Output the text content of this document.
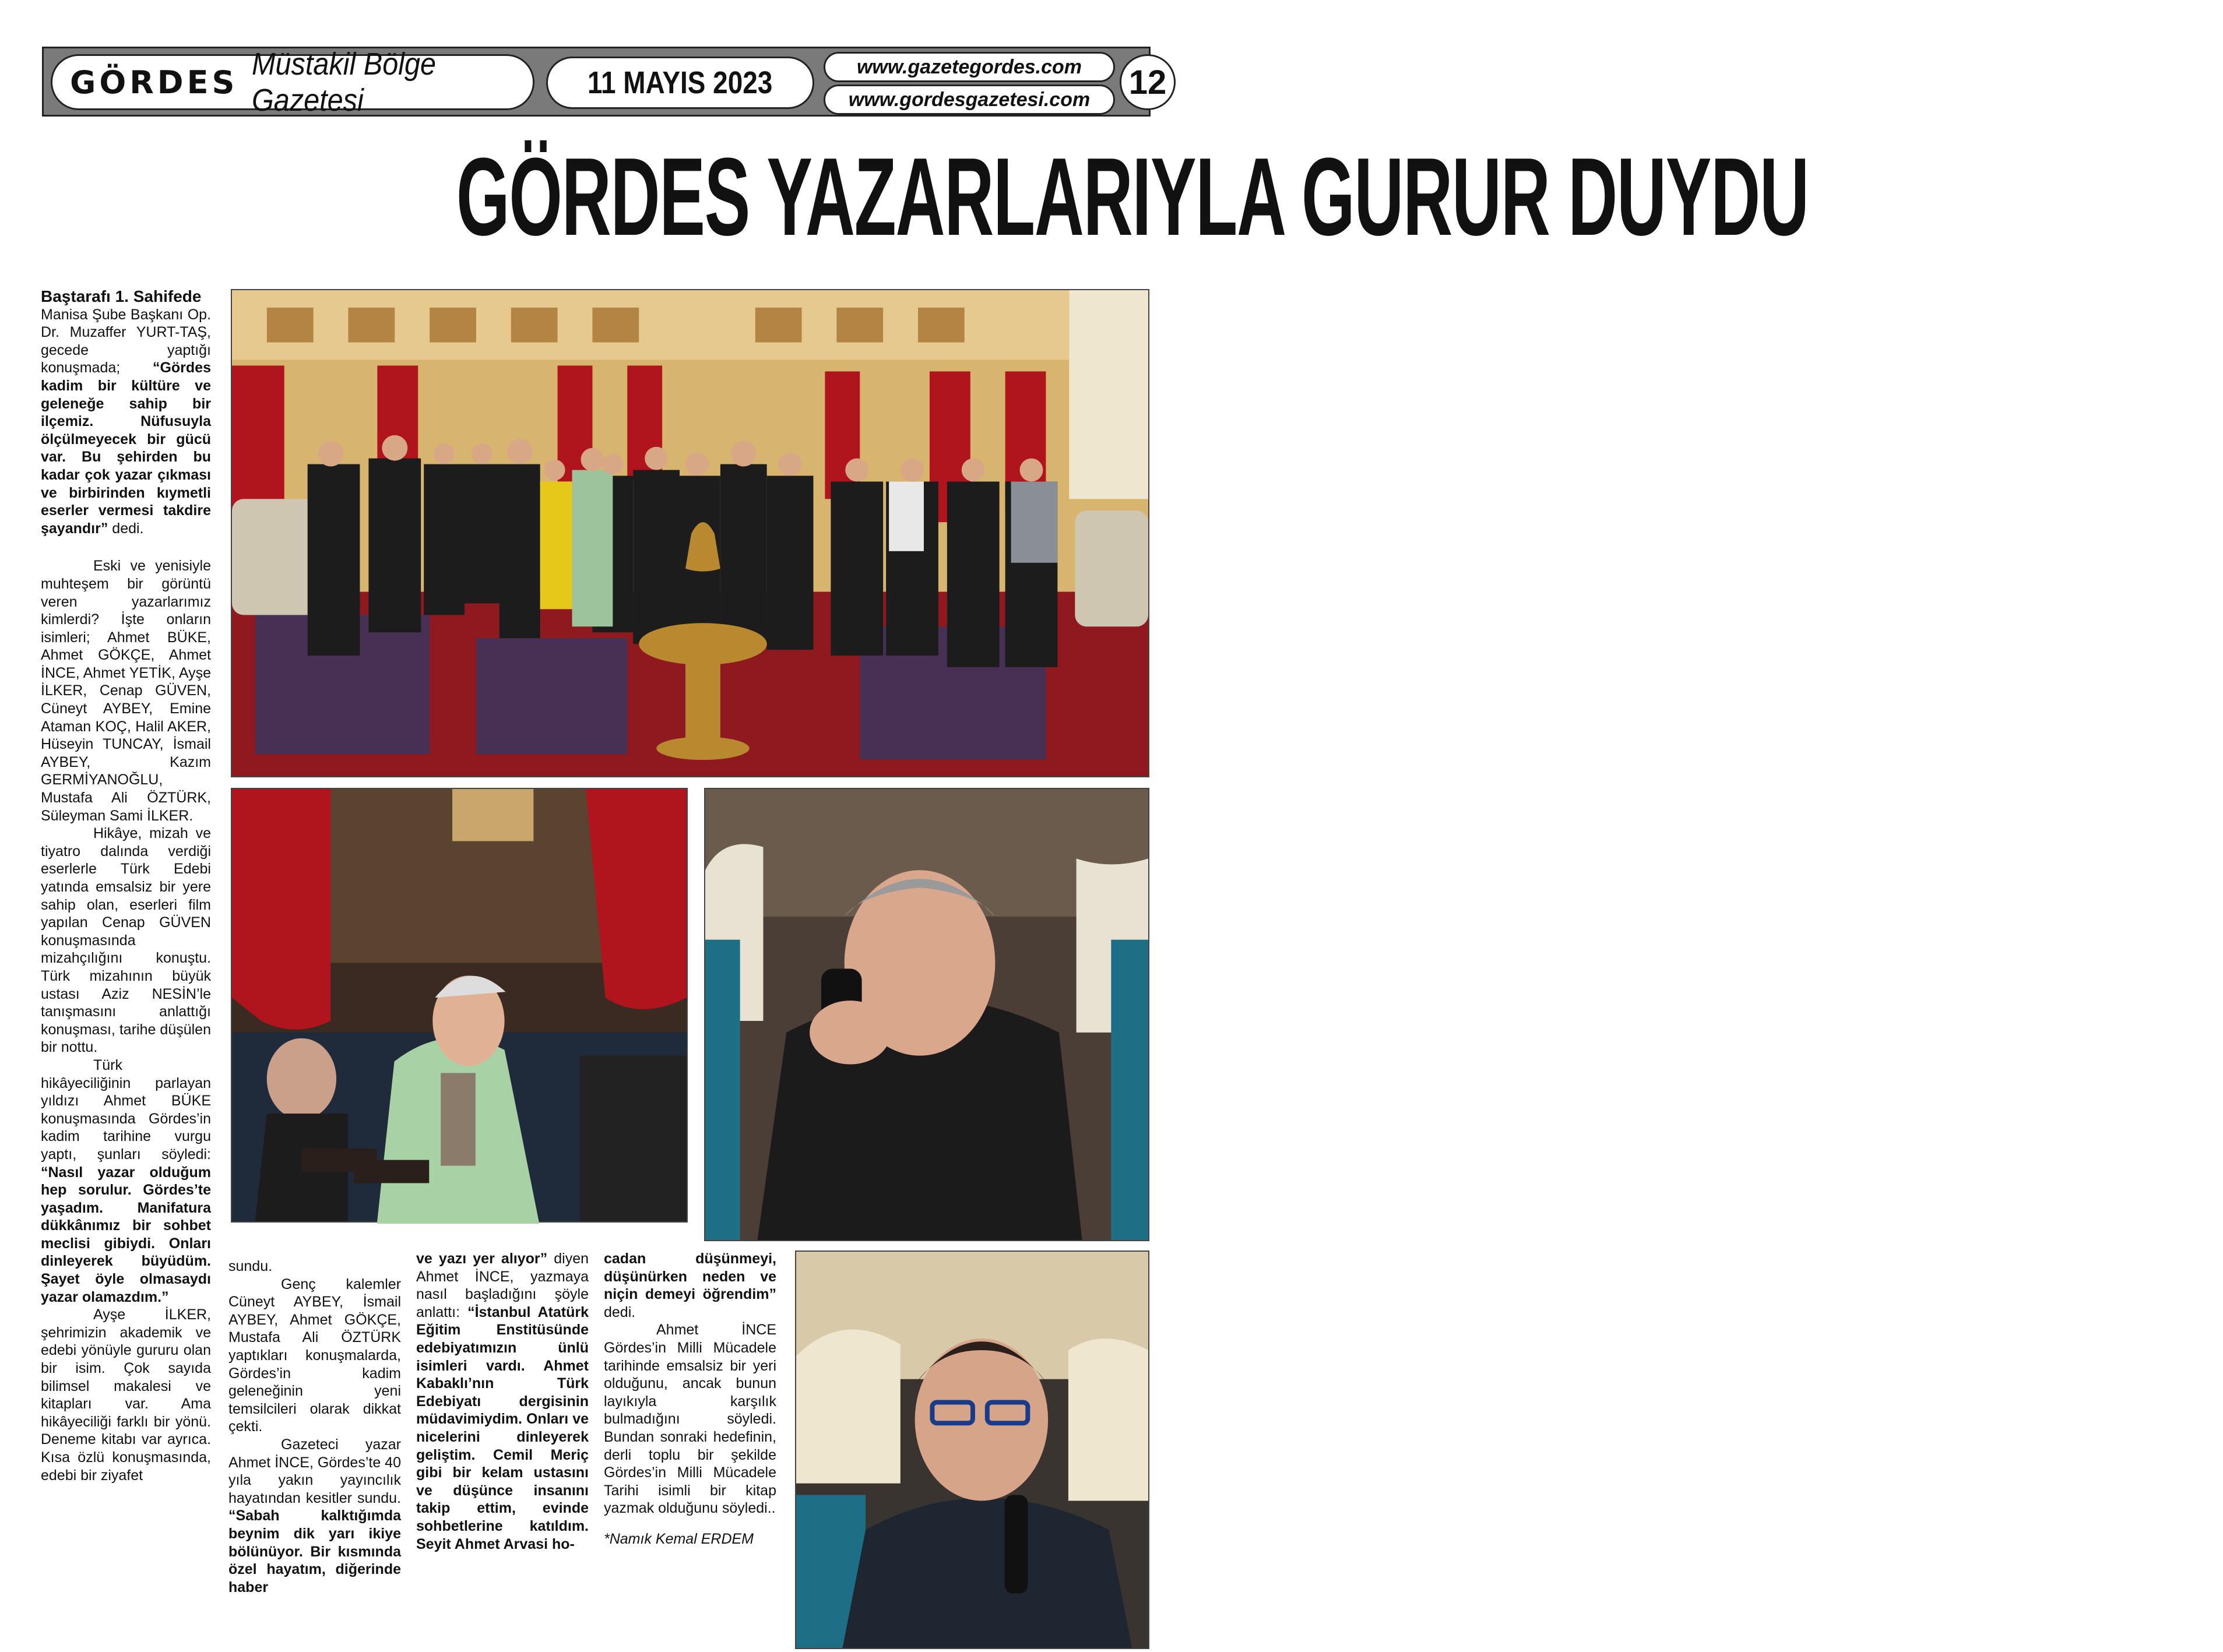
GÖRDES Müstakil Bölge Gazetesi	11 MAYIS 2023	www.gazetegordes.com
www.gordesgazetesi.com	12
GÖRDES YAZARLARIYLA GURUR DUYDU

Baştarafı 1. Sahifede

Manisa Şube Başkanı Op. Dr. Muzaffer YURT-TAŞ, gecede yaptığı konuşmada; “Gördes kadim bir kültüre ve geleneğe sahip bir ilçemiz. Nüfusuyla ölçülmeyecek bir gücü var. Bu şehirden bu kadar çok yazar çıkması ve birbirinden kıymetli eserler vermesi takdire şayandır” dedi.

Eski ve yenisiyle muhteşem bir görüntü veren yazarlarımız kimlerdi? İşte onların isimleri; Ahmet BÜKE, Ahmet GÖKÇE, Ahmet İNCE, Ahmet YETİK, Ayşe İLKER, Cenap GÜVEN, Cüneyt AYBEY, Emine Ataman KOÇ, Halil AKER, Hüseyin TUNCAY, İsmail AYBEY, Kazım GERMİYANOĞLU, Mustafa Ali ÖZTÜRK, Süleyman Sami İLKER.

Hikâye, mizah ve tiyatro dalında verdiği eserlerle Türk Edebi yatında emsalsiz bir yere sahip olan, eserleri film yapılan Cenap GÜVEN konuşmasında mizahçılığını konuştu. Türk mizahının büyük ustası Aziz NESİN’le tanışmasını anlattığı konuşması, tarihe düşülen bir nottu.

Türk hikâyeciliğinin parlayan yıldızı Ahmet BÜKE konuşmasında Gördes’in kadim tarihine vurgu yaptı, şunları söyledi: “Nasıl yazar olduğum hep sorulur. Gördes’te yaşadım. Manifatura dükkânımız bir sohbet meclisi gibiydi. Onları dinleyerek büyüdüm. Şayet öyle olmasaydı yazar olamazdım.”

Ayşe İLKER, şehrimizin akademik ve edebi yönüyle gururu olan bir isim. Çok sayıda bilimsel makalesi ve kitapları var. Ama hikâyeciliği farklı bir yönü. Deneme kitabı var ayrıca. Kısa özlü konuşmasında, edebi bir ziyafet

sundu.

Genç kalemler Cüneyt AYBEY, İsmail AYBEY, Ahmet GÖKÇE, Mustafa Ali ÖZTÜRK yaptıkları konuşmalarda, Gördes’in kadim geleneğinin yeni temsilcileri olarak dikkat çekti.

Gazeteci yazar Ahmet İNCE, Gördes’te 40 yıla yakın yayıncılık hayatından kesitler sundu. “Sabah kalktığımda beynim dik yarı ikiye bölünüyor. Bir kısmında özel hayatım, diğerinde haber

ve yazı yer alıyor” diyen Ahmet İNCE, yazmaya nasıl başladığını şöyle anlattı: “İstanbul Atatürk Eğitim Enstitüsünde edebiyatımızın ünlü isimleri vardı. Ahmet Kabaklı’nın Türk Edebiyatı dergisinin müdavimiydim. Onları ve nicelerini dinleyerek geliştim. Cemil Meriç gibi bir kelam ustasını ve düşünce insanını takip ettim, evinde sohbetlerine katıldım. Seyit Ahmet Arvasi ho-

cadan düşünmeyi, düşünürken neden ve niçin demeyi öğrendim” dedi.

Ahmet İNCE Gördes’in Milli Mücadele tarihinde emsalsiz bir yeri olduğunu, ancak bunun layıkıyla karşılık bulmadığını söyledi. Bundan sonraki hedefinin, derli toplu bir şekilde Gördes’in Milli Mücadele Tarihi isimli bir kitap yazmak olduğunu söyledi..

*Namık Kemal ERDEM
